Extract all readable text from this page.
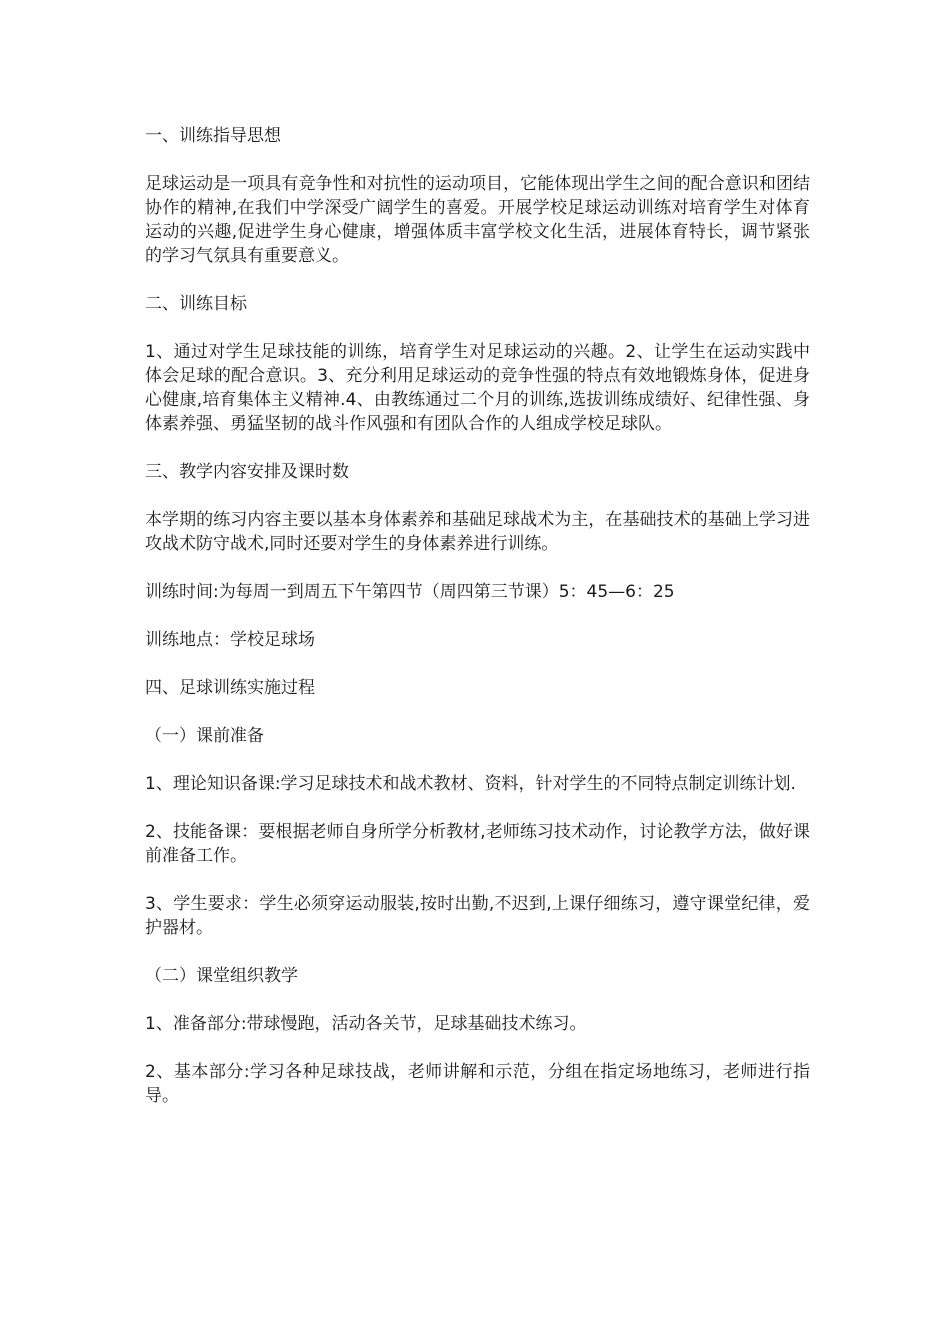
一、训练指导思想

足球运动是一项具有竞争性和对抗性的运动项目，它能体现出学生之间的配合意识和团结协作的精神,在我们中学深受广阔学生的喜爱。开展学校足球运动训练对培育学生对体育运动的兴趣,促进学生身心健康，增强体质丰富学校文化生活，进展体育特长，调节紧张的学习气氛具有重要意义。

二、训练目标

1、通过对学生足球技能的训练，培育学生对足球运动的兴趣。2、让学生在运动实践中体会足球的配合意识。3、充分利用足球运动的竞争性强的特点有效地锻炼身体，促进身心健康,培育集体主义精神.4、由教练通过二个月的训练,选拔训练成绩好、纪律性强、身体素养强、勇猛坚韧的战斗作风强和有团队合作的人组成学校足球队。

三、教学内容安排及课时数

本学期的练习内容主要以基本身体素养和基础足球战术为主，在基础技术的基础上学习进攻战术防守战术,同时还要对学生的身体素养进行训练。

训练时间:为每周一到周五下午第四节（周四第三节课）5：45—6：25

训练地点：学校足球场

四、足球训练实施过程

（一）课前准备

1、理论知识备课:学习足球技术和战术教材、资料，针对学生的不同特点制定训练计划.

2、技能备课：要根据老师自身所学分析教材,老师练习技术动作，讨论教学方法，做好课前准备工作。

3、学生要求：学生必须穿运动服装,按时出勤,不迟到,上课仔细练习，遵守课堂纪律，爱护器材。

（二）课堂组织教学

1、准备部分:带球慢跑，活动各关节，足球基础技术练习。

2、基本部分:学习各种足球技战，老师讲解和示范，分组在指定场地练习，老师进行指导。
